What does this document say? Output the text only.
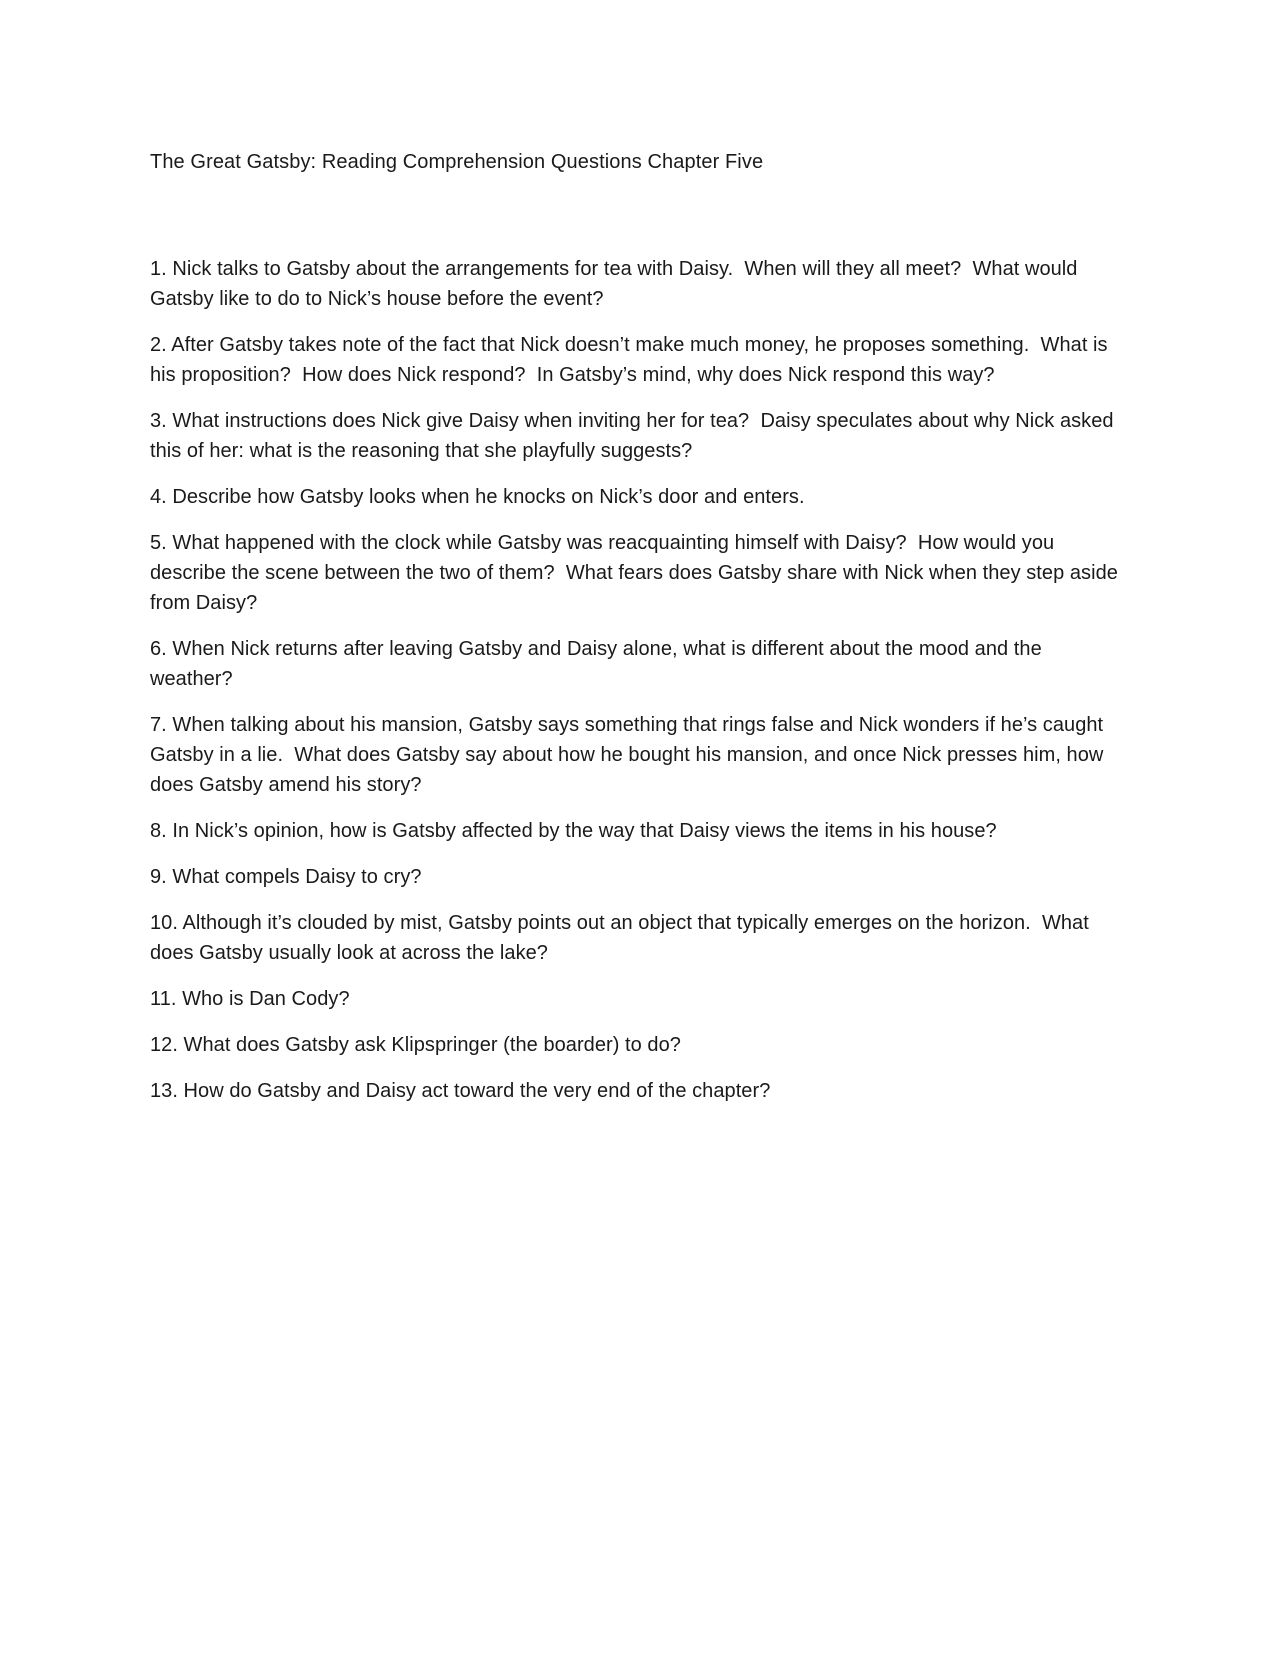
The Great Gatsby: Reading Comprehension Questions Chapter Five

1. Nick talks to Gatsby about the arrangements for tea with Daisy.  When will they all meet?  What would Gatsby like to do to Nick’s house before the event?

2. After Gatsby takes note of the fact that Nick doesn’t make much money, he proposes something.  What is his proposition?  How does Nick respond?  In Gatsby’s mind, why does Nick respond this way?

3. What instructions does Nick give Daisy when inviting her for tea?  Daisy speculates about why Nick asked this of her: what is the reasoning that she playfully suggests?

4. Describe how Gatsby looks when he knocks on Nick’s door and enters.

5. What happened with the clock while Gatsby was reacquainting himself with Daisy?  How would you describe the scene between the two of them?  What fears does Gatsby share with Nick when they step aside from Daisy?

6. When Nick returns after leaving Gatsby and Daisy alone, what is different about the mood and the weather?

7. When talking about his mansion, Gatsby says something that rings false and Nick wonders if he’s caught Gatsby in a lie.  What does Gatsby say about how he bought his mansion, and once Nick presses him, how does Gatsby amend his story?

8. In Nick’s opinion, how is Gatsby affected by the way that Daisy views the items in his house?

9. What compels Daisy to cry?

10. Although it’s clouded by mist, Gatsby points out an object that typically emerges on the horizon.  What does Gatsby usually look at across the lake?

11. Who is Dan Cody?

12. What does Gatsby ask Klipspringer (the boarder) to do?

13. How do Gatsby and Daisy act toward the very end of the chapter?
